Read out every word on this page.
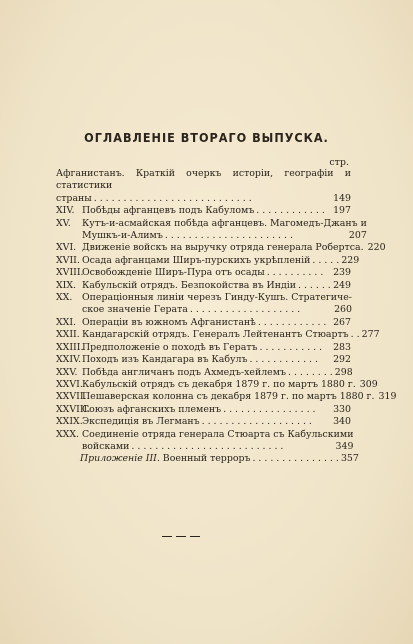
ОГЛАВЛЕНІЕ ВТОРАГО ВЫПУСКА.
стр.
Афганистанъ. Краткій очеркъ исторіи, географіи и статистики
страны . . . . . . . . . . . . . . . . . . . . . . . . . . .	149
XIV. Побѣды афганцевъ подъ Кабуломъ . . . . . . . . . . . . 197
XV.	Кутъ-и-асмайская побѣда афганцевъ. Магомедъ-Джанъ и
Мушкъ-и-Алимъ . . . . . . . . . . . . . . . . . . . . . .	207
XVI. Движеніе войскъ на выручку отряда генерала Робертса. 220
XVII. Осада афганцами Ширъ-пурскихъ укрѣпленій . . . . . 229
XVIII.
Освобожденіе Ширъ-Пура отъ осады . . . . . . . . . .	239
XIX. Кабульскій отрядъ. Безпокойства въ Индіи . . . . . . 249
XX.	Операціонныя линіи черезъ Гинду-Кушъ. Стратегиче-
ское значеніе Герата . . . . . . . . . . . . . . . . . . .	260
XXI. Операціи въ южномъ Афганистанѣ . . . . . . . . . . . . 267
XXII. Кандагарскій отрядъ. Генералъ Лейтенантъ Стюартъ . . 277
XXIII.
Предположеніе о походѣ въ Гератъ . . . . . . . . . . .	283
XXIV. Походъ изъ Кандагара въ Кабулъ . . . . . . . . . . . .	292
XXV. Побѣда англичанъ подъ Ахмедъ-хейлемъ . . . . . . . . 298
XXVI. Кабульскій отрядъ съ декабря 1879 г. по мартъ 1880 г. 309
XXVII.
Пешаверская колонна съ декабря 1879 г. по мартъ 1880 г. 319
XXVIII.
Союзъ афганскихъ племенъ . . . . . . . . . . . . . . . .	330
XXIX. Экспедиція въ Легманъ . . . . . . . . . . . . . . . . . . .	340
XXX. Соединеніе отряда генерала Стюарта съ Кабульскими
войсками . . . . . . . . . . . . . . . . . . . . . . . . . .	349
Приложеніе III. Военный терроръ . . . . . . . . . . . . . . . 357
